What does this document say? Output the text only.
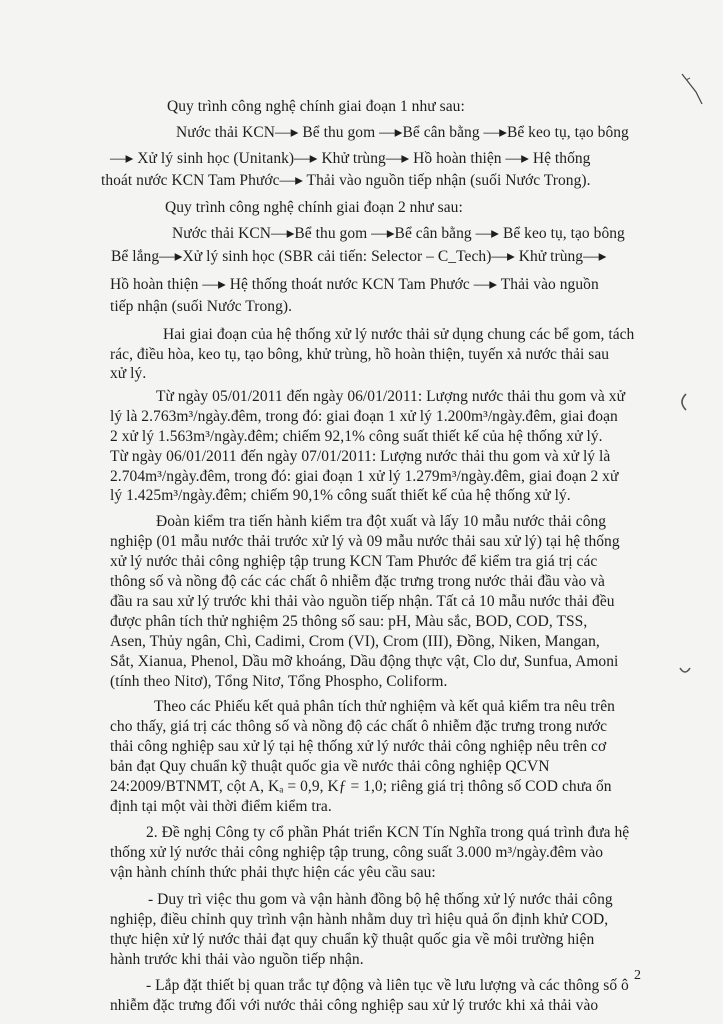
Quy trình công nghệ chính giai đoạn 1 như sau:
Nước thải KCN—▸ Bể thu gom —▸Bể cân bằng —▸Bể keo tụ, tạo bông
—▸ Xử lý sinh học (Unitank)—▸ Khử trùng—▸ Hồ hoàn thiện —▸ Hệ thống
thoát nước KCN Tam Phước—▸ Thải vào nguồn tiếp nhận (suối Nước Trong).
Quy trình công nghệ chính giai đoạn 2 như sau:
Nước thải KCN—▸Bể thu gom —▸Bể cân bằng —▸ Bể keo tụ, tạo bông
Bể lắng—▸Xử lý sinh học (SBR cải tiến: Selector – C_Tech)—▸ Khử trùng—▸
Hồ hoàn thiện —▸ Hệ thống thoát nước KCN Tam Phước —▸ Thải vào nguồn
tiếp nhận (suối Nước Trong).
Hai giai đoạn của hệ thống xử lý nước thải sử dụng chung các bể gom, tách
rác, điều hòa, keo tụ, tạo bông, khử trùng, hồ hoàn thiện, tuyến xả nước thải sau
xử lý.
Từ ngày 05/01/2011 đến ngày 06/01/2011: Lượng nước thải thu gom và xử
lý là 2.763m³/ngày.đêm, trong đó: giai đoạn 1 xử lý 1.200m³/ngày.đêm, giai đoạn
2 xử lý 1.563m³/ngày.đêm; chiếm 92,1% công suất thiết kế của hệ thống xử lý.
Từ ngày 06/01/2011 đến ngày 07/01/2011: Lượng nước thải thu gom và xử lý là
2.704m³/ngày.đêm, trong đó: giai đoạn 1 xử lý 1.279m³/ngày.đêm, giai đoạn 2 xử
lý 1.425m³/ngày.đêm; chiếm 90,1% công suất thiết kế của hệ thống xử lý.
Đoàn kiểm tra tiến hành kiểm tra đột xuất và lấy 10 mẫu nước thải công
nghiệp (01 mẫu nước thải trước xử lý và 09 mẫu nước thải sau xử lý) tại hệ thống
xử lý nước thải công nghiệp tập trung KCN Tam Phước để kiểm tra giá trị các
thông số và nồng độ các các chất ô nhiễm đặc trưng trong nước thải đầu vào và
đầu ra sau xử lý trước khi thải vào nguồn tiếp nhận. Tất cả 10 mẫu nước thải đều
được phân tích thử nghiệm 25 thông số sau: pH, Màu sắc, BOD, COD, TSS,
Asen, Thủy ngân, Chì, Cadimi, Crom (VI), Crom (III), Đồng, Niken, Mangan,
Sắt, Xianua, Phenol, Dầu mỡ khoáng, Dầu động thực vật, Clo dư, Sunfua, Amoni
(tính theo Nitơ), Tổng Nitơ, Tổng Phospho, Coliform.
Theo các Phiếu kết quả phân tích thử nghiệm và kết quả kiểm tra nêu trên
cho thấy, giá trị các thông số và nồng độ các chất ô nhiễm đặc trưng trong nước
thải công nghiệp sau xử lý tại hệ thống xử lý nước thải công nghiệp nêu trên cơ
bản đạt Quy chuẩn kỹ thuật quốc gia về nước thải công nghiệp QCVN
24:2009/BTNMT, cột A, Kₐ = 0,9, Kƒ = 1,0; riêng giá trị thông số COD chưa ổn
định tại một vài thời điểm kiểm tra.
2. Đề nghị Công ty cổ phần Phát triển KCN Tín Nghĩa trong quá trình đưa hệ
thống xử lý nước thải công nghiệp tập trung, công suất 3.000 m³/ngày.đêm vào
vận hành chính thức phải thực hiện các yêu cầu sau:
- Duy trì việc thu gom và vận hành đồng bộ hệ thống xử lý nước thải công
nghiệp, điều chỉnh quy trình vận hành nhằm duy trì hiệu quả ổn định khử COD,
thực hiện xử lý nước thải đạt quy chuẩn kỹ thuật quốc gia về môi trường hiện
hành trước khi thải vào nguồn tiếp nhận.
- Lắp đặt thiết bị quan trắc tự động và liên tục về lưu lượng và các thông số ô
nhiễm đặc trưng đối với nước thải công nghiệp sau xử lý trước khi xả thải vào
2
